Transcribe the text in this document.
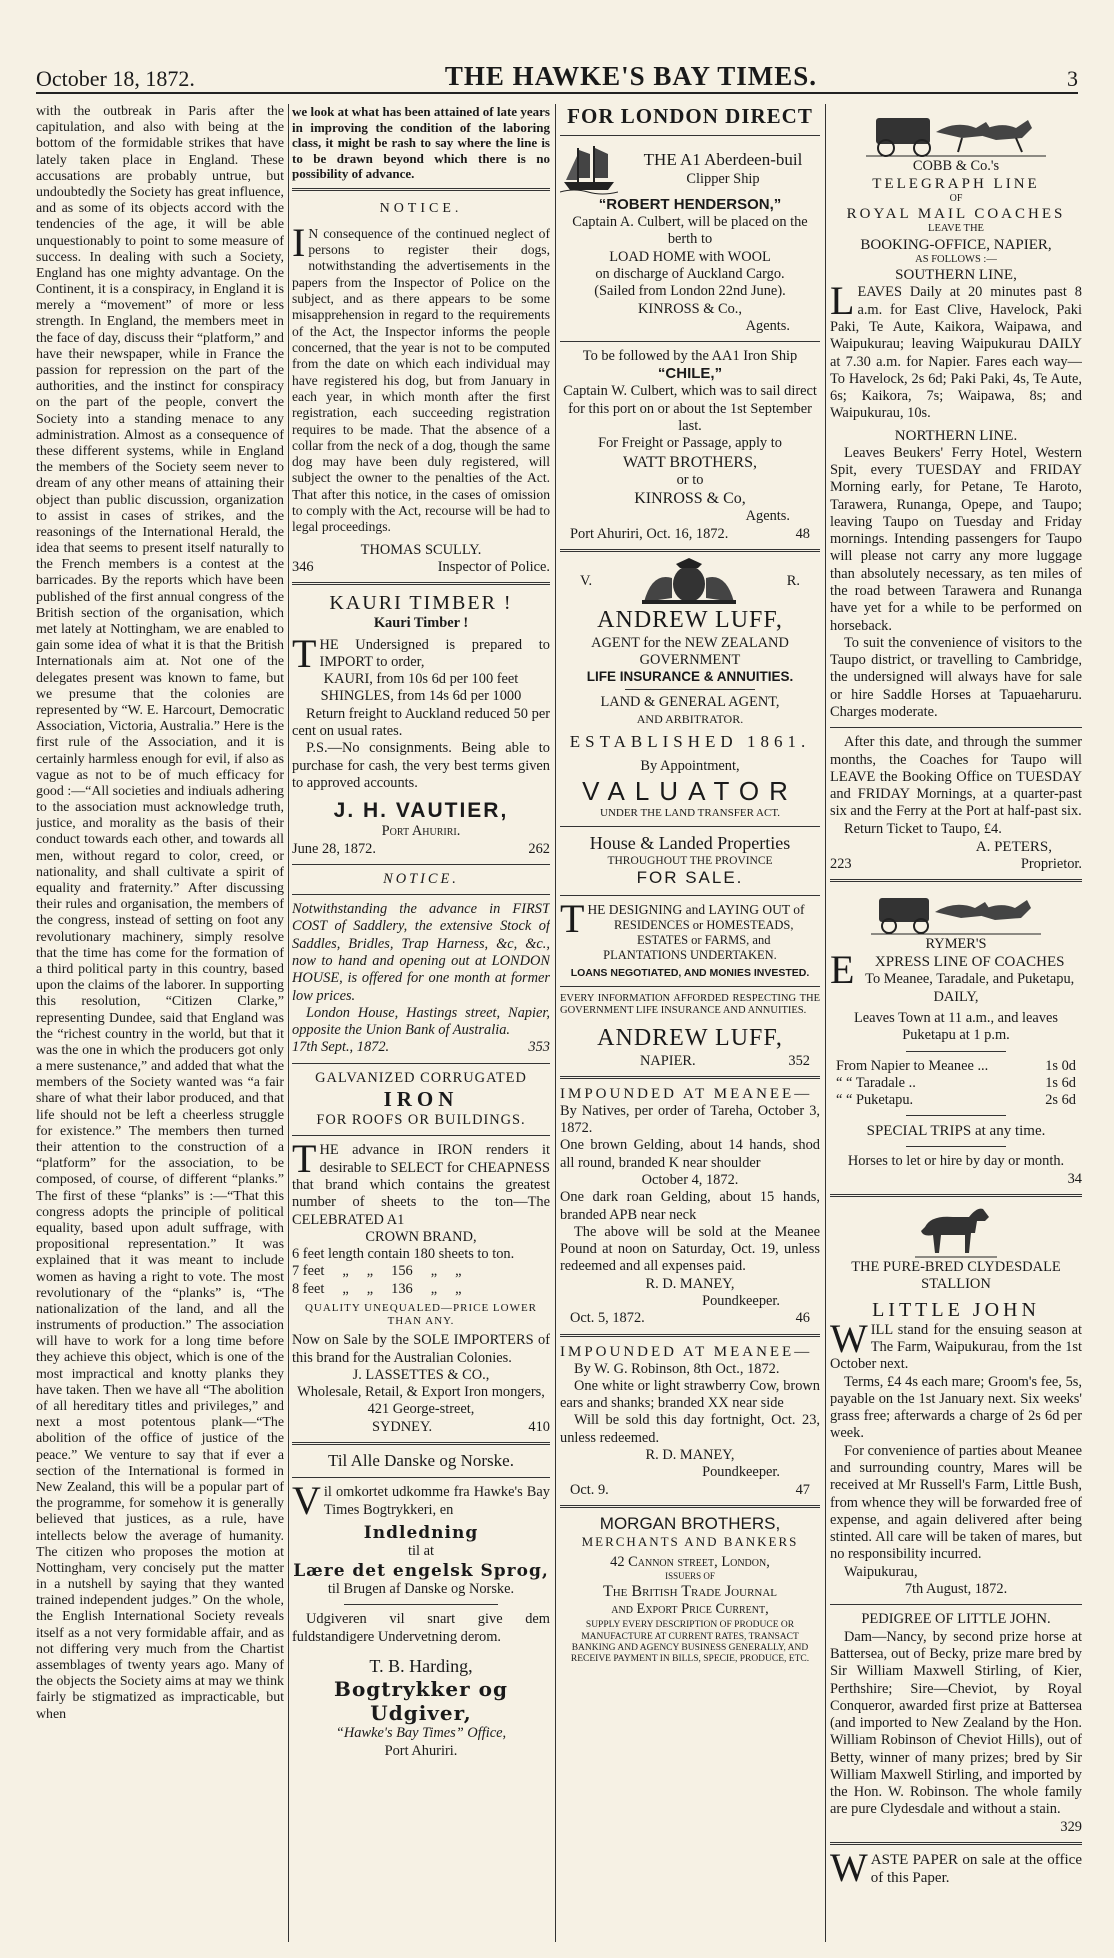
October 18, 1872.	THE HAWKE'S BAY TIMES.	3

with the outbreak in Paris after the capitulation, and also with being at the bottom of the formidable strikes that have lately taken place in England. These accusations are probably untrue, but undoubtedly the Society has great influence, and as some of its objects accord with the tendencies of the age, it will be able unquestionably to point to some measure of success. In dealing with such a Society, England has one mighty advantage. On the Continent, it is a conspiracy, in England it is merely a “movement” of more or less strength. In England, the members meet in the face of day, discuss their “platform,” and have their newspaper, while in France the passion for repression on the part of the authorities, and the instinct for conspiracy on the part of the people, convert the Society into a standing menace to any administration. Almost as a consequence of these different systems, while in England the members of the Society seem never to dream of any other means of attaining their object than public discussion, organization to assist in cases of strikes, and the reasonings of the International Herald, the idea that seems to present itself naturally to the French members is a contest at the barricades. By the reports which have been published of the first annual congress of the British section of the organisation, which met lately at Nottingham, we are enabled to gain some idea of what it is that the British Internationals aim at. Not one of the delegates present was known to fame, but we presume that the colonies are represented by “W. E. Harcourt, Democratic Association, Victoria, Australia.” Here is the first rule of the Association, and it is certainly harmless enough for evil, if also as vague as not to be of much efficacy for good :—“All societies and indiuals adhering to the association must acknowledge truth, justice, and morality as the basis of their conduct towards each other, and towards all men, without regard to color, creed, or nationality, and shall cultivate a spirit of equality and fraternity.” After discussing their rules and organisation, the members of the congress, instead of setting on foot any revolutionary machinery, simply resolve that the time has come for the formation of a third political party in this country, based upon the claims of the laborer. In supporting this resolution, “Citizen Clarke,” representing Dundee, said that England was the “richest country in the world, but that it was the one in which the producers got only a mere sustenance,” and added that what the members of the Society wanted was “a fair share of what their labor produced, and that life should not be left a cheerless struggle for existence.” The members then turned their attention to the construction of a “platform” for the association, to be composed, of course, of different “planks.” The first of these “planks” is :—“That this congress adopts the principle of political equality, based upon adult suffrage, with propositional representation.” It was explained that it was meant to include women as having a right to vote. The most revolutionary of the “planks” is, “The nationalization of the land, and all the instruments of production.” The association will have to work for a long time before they achieve this object, which is one of the most impractical and knotty planks they have taken. Then we have all “The abolition of all hereditary titles and privileges,” and next a most potentous plank—“The abolition of the office of justice of the peace.” We venture to say that if ever a section of the International is formed in New Zealand, this will be a popular part of the programme, for somehow it is generally believed that justices, as a rule, have intellects below the average of humanity. The citizen who proposes the motion at Nottingham, very concisely put the matter in a nutshell by saying that they wanted trained independent judges.” On the whole, the English International Society reveals itself as a not very formidable affair, and as not differing very much from the Chartist assemblages of twenty years ago. Many of the objects the Society aims at may we think fairly be stigmatized as impracticable, but when

we look at what has been attained of late years in improving the condition of the laboring class, it might be rash to say where the line is to be drawn beyond which there is no possibility of advance.

NOTICE.

IN consequence of the continued neglect of persons to register their dogs, notwithstanding the advertisements in the papers from the Inspector of Police on the subject, and as there appears to be some misapprehension in regard to the requirements of the Act, the Inspector informs the people concerned, that the year is not to be computed from the date on which each individual may have registered his dog, but from January in each year, in which month after the first registration, each succeeding registration requires to be made. That the absence of a collar from the neck of a dog, though the same dog may have been duly registered, will subject the owner to the penalties of the Act. That after this notice, in the cases of omission to comply with the Act, recourse will be had to legal proceedings.

THOMAS SCULLY.

346	Inspector of Police.

KAURI TIMBER !

Kauri Timber !

THE Undersigned is prepared to IMPORT to order,

KAURI, from 10s 6d per 100 feet

SHINGLES, from 14s 6d per 1000

Return freight to Auckland reduced 50 per cent on usual rates.

P.S.—No consignments. Being able to purchase for cash, the very best terms given to approved accounts.

J. H. VAUTIER,

Port Ahuriri.

June 28, 1872.	262

NOTICE.

Notwithstanding the advance in FIRST COST of Saddlery, the extensive Stock of Saddles, Bridles, Trap Harness, &c, &c., now to hand and opening out at LONDON HOUSE, is offered for one month at former low prices.

London House, Hastings street, Napier, opposite the Union Bank of Australia.

17th Sept., 1872.	353

GALVANIZED CORRUGATED

IRON

FOR ROOFS OR BUILDINGS.

THE advance in IRON renders it desirable to SELECT for CHEAPNESS that brand which contains the greatest number of sheets to the ton—The CELEBRATED A1

CROWN BRAND,

6 feet length contain 180 sheets to ton.

7 feet „ „ 156 „ „
8 feet „ „ 136 „ „

QUALITY UNEQUALED—PRICE LOWER THAN ANY.

Now on Sale by the SOLE IMPORTERS of this brand for the Australian Colonies.

J. LASSETTES & CO.,

Wholesale, Retail, & Export Iron mongers, 421 George-street,

SYDNEY.	410

Til Alle Danske og Norske.

Vil omkortet udkomme fra Hawke's Bay Times Bogtrykkeri, en

Indledning

til at

Lære det engelsk Sprog,

til Brugen af Danske og Norske.

Udgiveren vil snart give dem fuldstandigere Undervetning derom.

T. B. Harding,

Bogtrykker og Udgiver,

“Hawke's Bay Times” Office,

Port Ahuriri.

FOR LONDON DIRECT

THE A1 Aberdeen-buil

Clipper Ship

“ROBERT HENDERSON,”

Captain A. Culbert, will be placed on the berth to

LOAD HOME with WOOL

on discharge of Auckland Cargo.

(Sailed from London 22nd June).

KINROSS & Co.,

Agents.

To be followed by the AA1 Iron Ship

“CHILE,”

Captain W. Culbert, which was to sail direct for this port on or about the 1st September last.

For Freight or Passage, apply to

WATT BROTHERS,

or to

KINROSS & Co,

Agents.

Port Ahuriri, Oct. 16, 1872.	48
V.	R.

ANDREW LUFF,

AGENT for the NEW ZEALAND GOVERNMENT

LIFE INSURANCE & ANNUITIES.

LAND & GENERAL AGENT,

AND ARBITRATOR.

ESTABLISHED 1861.

By Appointment,

VALUATOR

UNDER THE LAND TRANSFER ACT.

House & Landed Properties

THROUGHOUT THE PROVINCE

FOR SALE.

THE DESIGNING and LAYING OUT of

RESIDENCES or HOMESTEADS, ESTATES or FARMS, and

PLANTATIONS UNDERTAKEN.

LOANS NEGOTIATED, AND MONIES INVESTED.

EVERY INFORMATION AFFORDED RESPECTING THE GOVERNMENT LIFE INSURANCE AND ANNUITIES.

ANDREW LUFF,

NAPIER.	352

IMPOUNDED AT MEANEE—

By Natives, per order of Tareha, October 3, 1872.

One brown Gelding, about 14 hands, shod all round, branded K near shoulder

October 4, 1872.

One dark roan Gelding, about 15 hands, branded APB near neck

The above will be sold at the Meanee Pound at noon on Saturday, Oct. 19, unless redeemed and all expenses paid.

R. D. MANEY,

Poundkeeper.

Oct. 5, 1872.	46

IMPOUNDED AT MEANEE—

By W. G. Robinson, 8th Oct., 1872.

One white or light strawberry Cow, brown ears and shanks; branded XX near side

Will be sold this day fortnight, Oct. 23, unless redeemed.

R. D. MANEY,

Poundkeeper.

Oct. 9.	47

MORGAN BROTHERS,

MERCHANTS AND BANKERS

42 Cannon street, London,

ISSUERS OF

The British Trade Journal

and Export Price Current,

SUPPLY EVERY DESCRIPTION OF PRODUCE OR MANUFACTURE AT CURRENT RATES, TRANSACT BANKING AND AGENCY BUSINESS GENERALLY, AND RECEIVE PAYMENT IN BILLS, SPECIE, PRODUCE, ETC.

COBB & Co.'s

TELEGRAPH LINE

OF

ROYAL MAIL COACHES

LEAVE THE

BOOKING-OFFICE, NAPIER,

AS FOLLOWS :—

SOUTHERN LINE,

LEAVES Daily at 20 minutes past 8 a.m. for East Clive, Havelock, Paki Paki, Te Aute, Kaikora, Waipawa, and Waipukurau; leaving Waipukurau DAILY at 7.30 a.m. for Napier. Fares each way—To Havelock, 2s 6d; Paki Paki, 4s, Te Aute, 6s; Kaikora, 7s; Waipawa, 8s; and Waipukurau, 10s.

NORTHERN LINE.

Leaves Beukers' Ferry Hotel, Western Spit, every TUESDAY and FRIDAY Morning early, for Petane, Te Haroto, Tarawera, Runanga, Opepe, and Taupo; leaving Taupo on Tuesday and Friday mornings. Intending passengers for Taupo will please not carry any more luggage than absolutely necessary, as ten miles of the road between Tarawera and Runanga have yet for a while to be performed on horseback.

To suit the convenience of visitors to the Taupo district, or travelling to Cambridge, the undersigned will always have for sale or hire Saddle Horses at Tapuaeharuru. Charges moderate.

After this date, and through the summer months, the Coaches for Taupo will LEAVE the Booking Office on TUESDAY and FRIDAY Mornings, at a quarter-past six and the Ferry at the Port at half-past six.

Return Ticket to Taupo, £4.

A. PETERS,

223	Proprietor.

RYMER'S

EXPRESS LINE OF COACHES

To Meanee, Taradale, and Puketapu, DAILY,

Leaves Town at 11 a.m., and leaves Puketapu at 1 p.m.

From Napier to Meanee ...	1s 0d
“ “ Taradale ..	1s 6d
“ “ Puketapu.	2s 6d

SPECIAL TRIPS at any time.

Horses to let or hire by day or month.

34

THE PURE-BRED CLYDESDALE STALLION

LITTLE JOHN

WILL stand for the ensuing season at The Farm, Waipukurau, from the 1st October next.

Terms, £4 4s each mare; Groom's fee, 5s, payable on the 1st January next. Six weeks' grass free; afterwards a charge of 2s 6d per week.

For convenience of parties about Meanee and surrounding country, Mares will be received at Mr Russell's Farm, Little Bush, from whence they will be forwarded free of expense, and again delivered after being stinted. All care will be taken of mares, but no responsibility incurred.

Waipukurau,

7th August, 1872.

PEDIGREE OF LITTLE JOHN.

Dam—Nancy, by second prize horse at Battersea, out of Becky, prize mare bred by Sir William Maxwell Stirling, of Kier, Perthshire; Sire—Cheviot, by Royal Conqueror, awarded first prize at Battersea (and imported to New Zealand by the Hon. William Robinson of Cheviot Hills), out of Betty, winner of many prizes; bred by Sir William Maxwell Stirling, and imported by the Hon. W. Robinson. The whole family are pure Clydesdale and without a stain.

329

WASTE PAPER on sale at the office of this Paper.
